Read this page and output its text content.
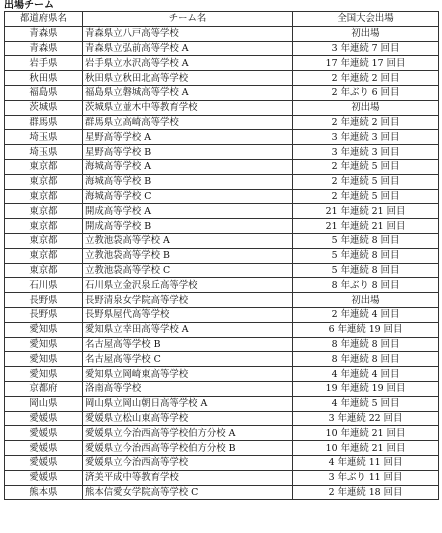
出場チーム
都道府県名	チーム名	全国大会出場
青森県	青森県立八戸高等学校	初出場
青森県	青森県立弘前高等学校 A	3 年連続 7 回目
岩手県	岩手県立水沢高等学校 A	17 年連続 17 回目
秋田県	秋田県立秋田北高等学校	2 年連続 2 回目
福島県	福島県立磐城高等学校 A	2 年ぶり 6 回目
茨城県	茨城県立並木中等教育学校	初出場
群馬県	群馬県立高崎高等学校	2 年連続 2 回目
埼玉県	星野高等学校 A	3 年連続 3 回目
埼玉県	星野高等学校 B	3 年連続 3 回目
東京都	海城高等学校 A	2 年連続 5 回目
東京都	海城高等学校 B	2 年連続 5 回目
東京都	海城高等学校 C	2 年連続 5 回目
東京都	開成高等学校 A	21 年連続 21 回目
東京都	開成高等学校 B	21 年連続 21 回目
東京都	立教池袋高等学校 A	5 年連続 8 回目
東京都	立教池袋高等学校 B	5 年連続 8 回目
東京都	立教池袋高等学校 C	5 年連続 8 回目
石川県	石川県立金沢泉丘高等学校	8 年ぶり 8 回目
長野県	長野清泉女学院高等学校	初出場
長野県	長野県屋代高等学校	2 年連続 4 回目
愛知県	愛知県立幸田高等学校 A	6 年連続 19 回目
愛知県	名古屋高等学校 B	8 年連続 8 回目
愛知県	名古屋高等学校 C	8 年連続 8 回目
愛知県	愛知県立岡崎東高等学校	4 年連続 4 回目
京都府	洛南高等学校	19 年連続 19 回目
岡山県	岡山県立岡山朝日高等学校 A	4 年連続 5 回目
愛媛県	愛媛県立松山東高等学校	3 年連続 22 回目
愛媛県	愛媛県立今治西高等学校伯方分校 A	10 年連続 21 回目
愛媛県	愛媛県立今治西高等学校伯方分校 B	10 年連続 21 回目
愛媛県	愛媛県立今治西高等学校	4 年連続 11 回目
愛媛県	済美平成中等教育学校	3 年ぶり 11 回目
熊本県	熊本信愛女学院高等学校 C	2 年連続 18 回目
